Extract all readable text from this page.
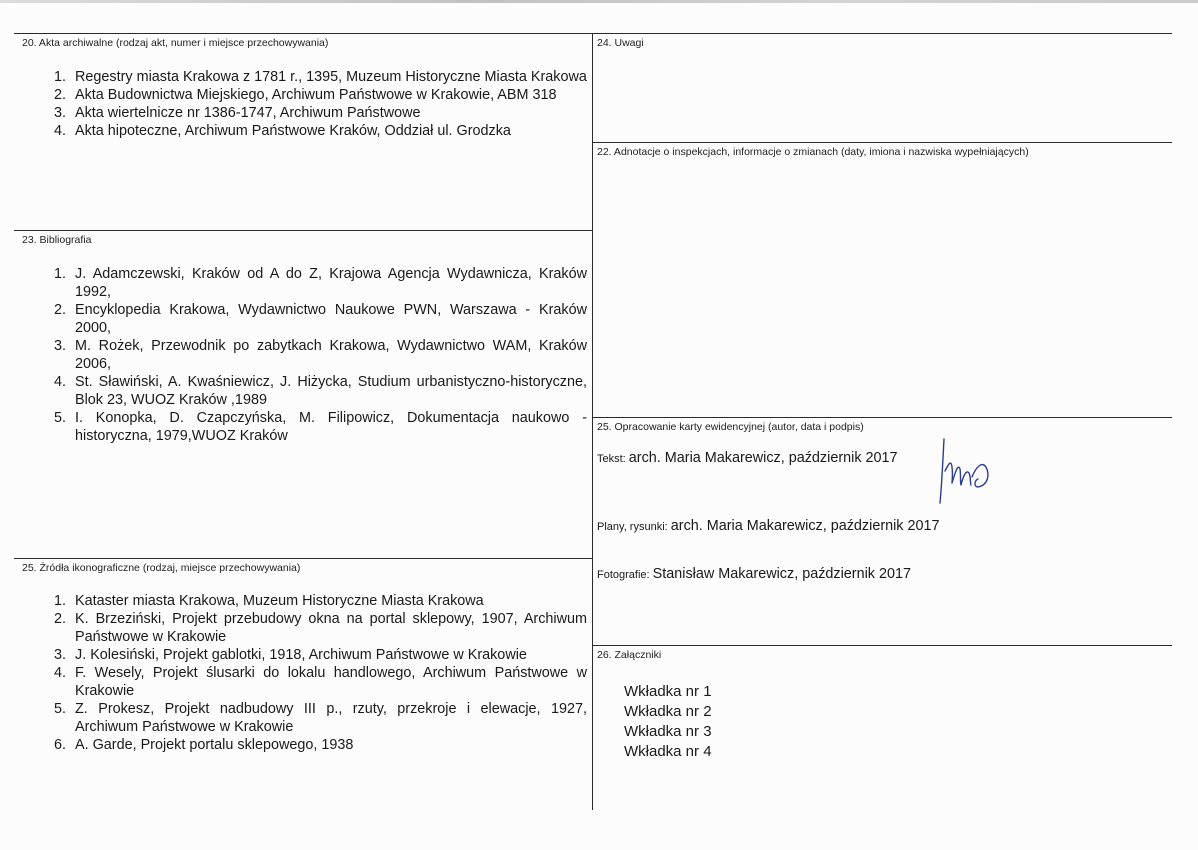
20. Akta archiwalne (rodzaj akt, numer i miejsce przechowywania)
1. Regestry miasta Krakowa z 1781 r., 1395, Muzeum Historyczne Miasta Krakowa
2. Akta Budownictwa Miejskiego, Archiwum Państwowe w Krakowie, ABM 318
3. Akta wiertelnicze nr 1386-1747, Archiwum Państwowe
4. Akta hipoteczne, Archiwum Państwowe Kraków, Oddział ul. Grodzka
23. Bibliografia
1. J. Adamczewski, Kraków od A do Z, Krajowa Agencja Wydawnicza, Kraków 1992,
2. Encyklopedia Krakowa, Wydawnictwo Naukowe PWN, Warszawa - Kraków 2000,
3. M. Rożek, Przewodnik po zabytkach Krakowa, Wydawnictwo WAM, Kraków 2006,
4. St. Sławiński, A. Kwaśniewicz, J. Hiżycka, Studium urbanistyczno-historyczne, Blok 23, WUOZ Kraków ,1989
5. I. Konopka, D. Czapczyńska, M. Filipowicz, Dokumentacja naukowo - historyczna, 1979,WUOZ Kraków
25. Źródła ikonograficzne (rodzaj, miejsce przechowywania)
1. Kataster miasta Krakowa, Muzeum Historyczne Miasta Krakowa
2. K. Brzeziński, Projekt przebudowy okna na portal sklepowy, 1907, Archiwum Państwowe w Krakowie
3. J. Kolesiński, Projekt gablotki, 1918, Archiwum Państwowe w Krakowie
4. F. Wesely, Projekt ślusarki do lokalu handlowego, Archiwum Państwowe w Krakowie
5. Z. Prokesz, Projekt nadbudowy III p., rzuty, przekroje i elewacje, 1927, Archiwum Państwowe w Krakowie
6. A. Garde, Projekt portalu sklepowego, 1938
24. Uwagi
22. Adnotacje o inspekcjach, informacje o zmianach (daty, imiona i nazwiska wypełniających)
25. Opracowanie karty ewidencyjnej (autor, data i podpis)
Tekst: arch. Maria Makarewicz, październik 2017
Plany, rysunki: arch. Maria Makarewicz, październik 2017
Fotografie: Stanisław Makarewicz, październik 2017
26. Załączniki
Wkładka nr 1
Wkładka nr 2
Wkładka nr 3
Wkładka nr 4
